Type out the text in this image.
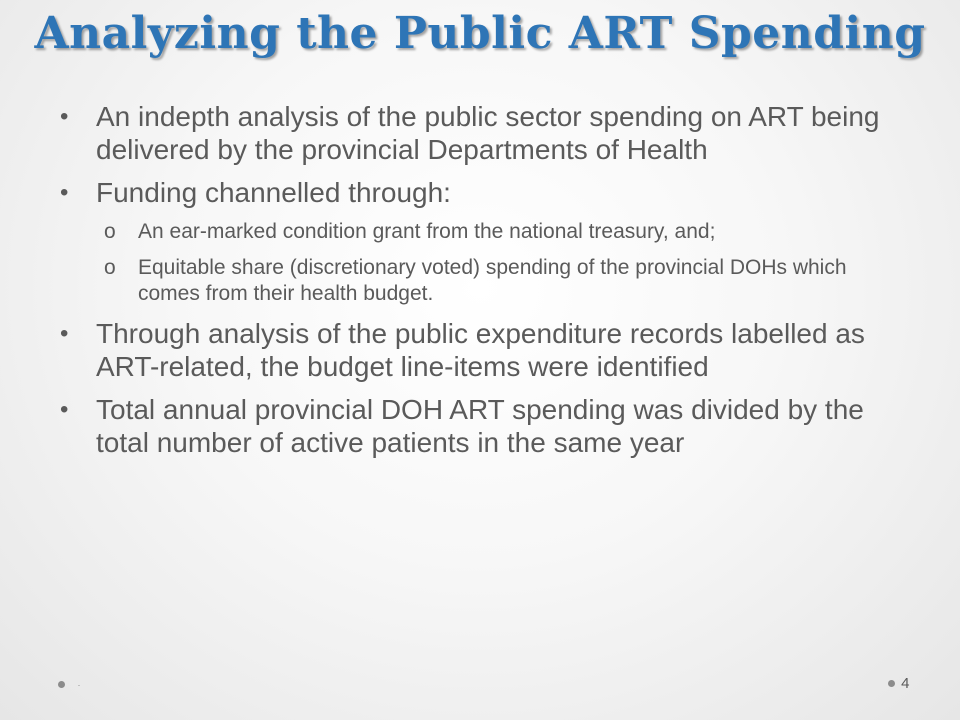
Analyzing the Public ART Spending
• An indepth analysis of the public sector spending on ART being delivered by the provincial Departments of Health
• Funding channelled through:
o An ear-marked condition grant from the national treasury, and;
o Equitable share (discretionary voted) spending of the provincial DOHs which comes from their health budget.
• Through analysis of the public expenditure records labelled as ART-related, the budget line-items were identified
• Total annual provincial DOH ART spending was divided by the total number of active patients in the same year
·	4
